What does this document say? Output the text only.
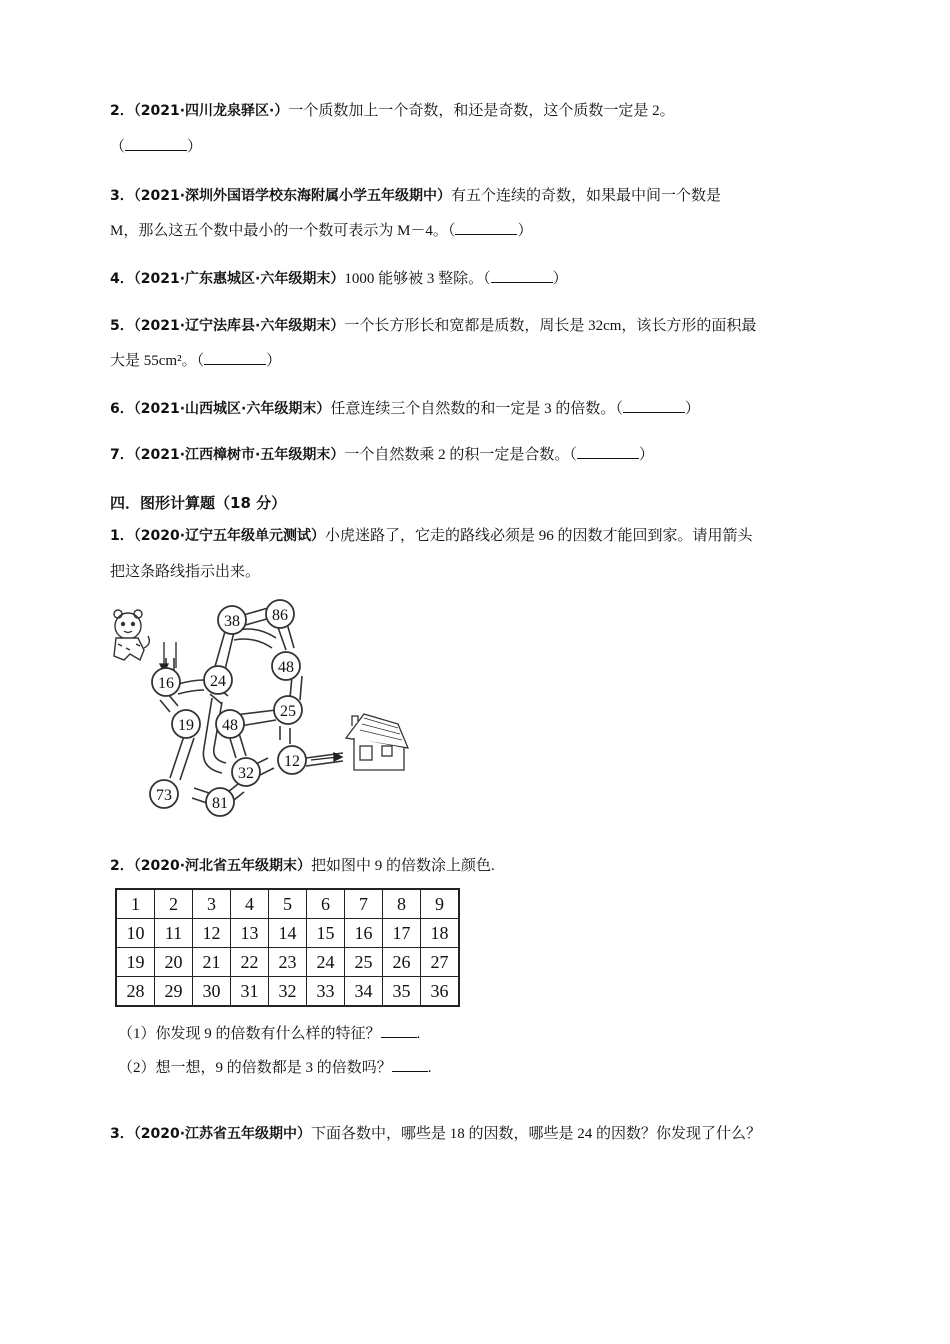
2．（2021·四川龙泉驿区·）一个质数加上一个奇数，和还是奇数，这个质数一定是 2。
（	）
3．（2021·深圳外国语学校东海附属小学五年级期中）有五个连续的奇数，如果最中间一个数是
M，那么这五个数中最小的一个数可表示为 M－4。（	）
4．（2021·广东惠城区·六年级期末）1000 能够被 3 整除。（	）
5．（2021·辽宁法库县·六年级期末）一个长方形长和宽都是质数，周长是 32cm，该长方形的面积最
大是 55cm²。（	）
6．（2021·山西城区·六年级期末）任意连续三个自然数的和一定是 3 的倍数。（	）
7．（2021·江西樟树市·五年级期末）一个自然数乘 2 的积一定是合数。（	）
四．图形计算题（18 分）
1．（2020·辽宁五年级单元测试）小虎迷路了，它走的路线必须是 96 的因数才能回到家。请用箭头
把这条路线指示出来。
38 86
48
16 24
25
19 48
12
32
73	81
2．（2020·河北省五年级期末）把如图中 9 的倍数涂上颜色.
1	2	3	4	5	6	7	8	9
10	11	12	13	14	15	16	17	18
19	20	21	22	23	24	25	26	27
28	29	30	31	32	33	34	35	36
（1）你发现 9 的倍数有什么样的特征？ .
（2）想一想，9 的倍数都是 3 的倍数吗？ .
3．（2020·江苏省五年级期中）下面各数中，哪些是 18 的因数，哪些是 24 的因数？你发现了什么？
